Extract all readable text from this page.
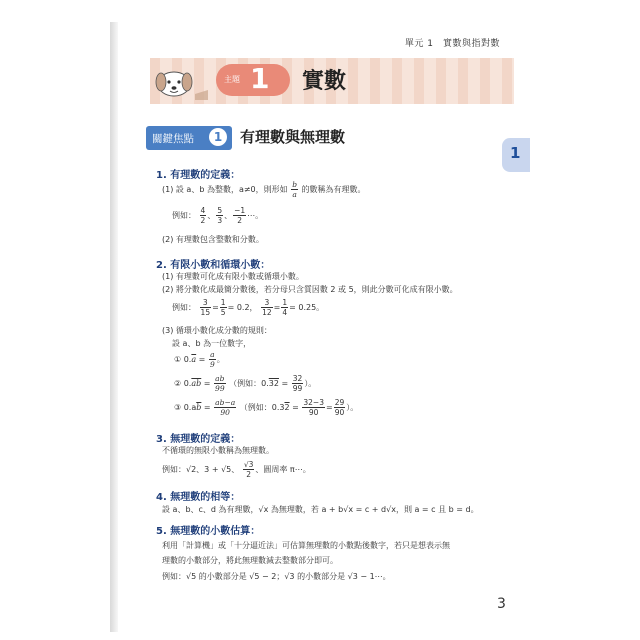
單元 1　實數與指對數
主題 1 實數
關鍵焦點	1	有理數與無理數
1. 有理數的定義：
(1) 設 a、b 為整數，a≠0，則形如 $\frac{b}{a}$ 的數稱為有理數。
例如： $\frac{4}{2}$ 、 $\frac{5}{3}$ 、 $\frac{-1}{2}$ ⋯。
(2) 有理數包含整數和分數。
2. 有限小數和循環小數：
(1) 有理數可化成有限小數或循環小數。
(2) 將分數化成最簡分數後，若分母只含質因數 2 或 5，則此分數可化成有限小數。
例如： $\frac{3}{15} = \frac{1}{5} = 0.2$， $\frac{3}{12} = \frac{1}{4} = 0.25$。
(3) 循環小數化成分數的規則：
設 a、b 為一位數字，
① $0.\overline{a} = \frac{a}{9}$ 。
② $0.\overline{ab} = \frac{ab}{99}$ （例如：$0.32 = \frac{32}{99}$ ）。
③ $0.a\overline{b} = \frac{ab-a}{90}$ （例如：$0.32 = \frac{32-3}{90} = \frac{29}{90}$ ）。
3. 無理數的定義：
不循環的無限小數稱為無理數。
例如：√2、3 + √5、 $\frac{√3}{2}$ 、圓周率 π⋯。
4. 無理數的相等：
設 a、b、c、d 為有理數，√x 為無理數，若 a + b√x = c + d√x，則 a = c 且 b = d。
5. 無理數的小數估算：
利用「計算機」或「十分逼近法」可估算無理數的小數點後數字，若只是想表示無
理數的小數部分，將此無理數減去整數部分即可。
例如：√5 的小數部分是 √5 − 2；√3 的小數部分是 √3 − 1⋯。
1
3
